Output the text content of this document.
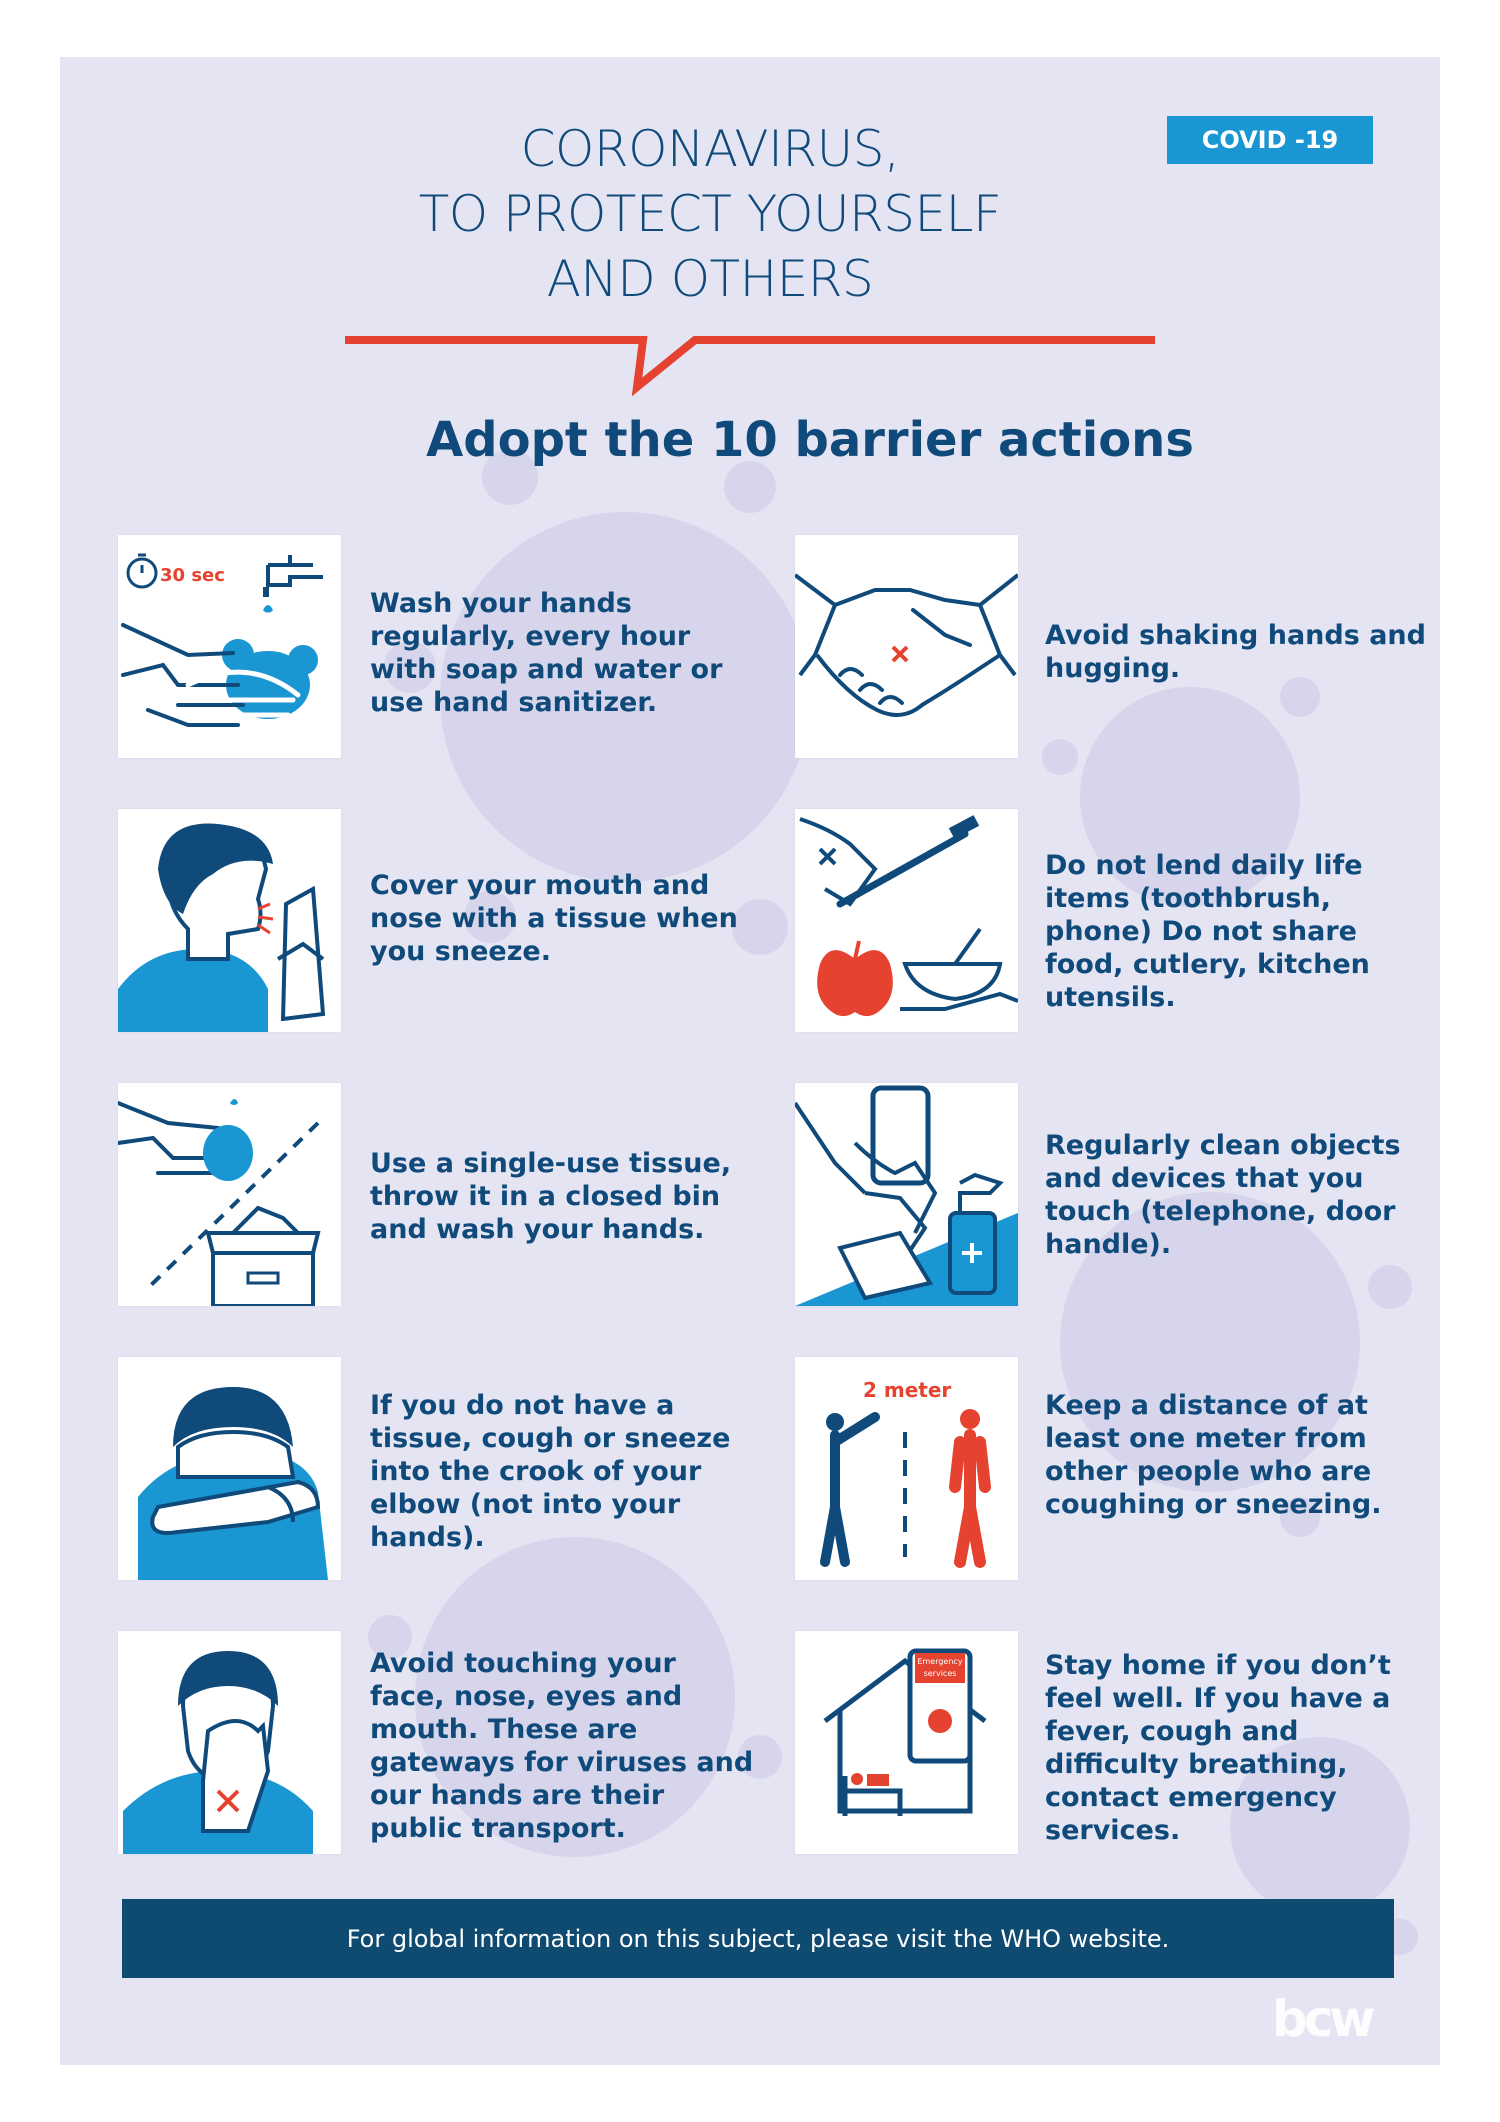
CORONAVIRUS,
TO PROTECT YOURSELF
AND OTHERS
COVID -19
Adopt the 10 barrier actions
30 sec
Wash your hands regularly, every hour with soap and water or use hand sanitizer.
Avoid shaking hands and hugging.
Cover your mouth and nose with a tissue when you sneeze.
Do not lend daily life items (toothbrush, phone) Do not share food, cutlery, kitchen utensils.
Use a single-use tissue, throw it in a closed bin and wash your hands.
Regularly clean objects and devices that you touch (telephone, door handle).
If you do not have a tissue, cough or sneeze into the crook of your elbow (not into your hands).
2 meter	Keep a distance of at least one meter from other people who are coughing or sneezing.
Avoid touching your face, nose, eyes and mouth. These are gateways for viruses and our hands are their public transport.
Emergency
services	Stay home if you don’t feel well. If you have a fever, cough and difficulty breathing, contact emergency services.
For global information on this subject, please visit the WHO website.
bcw
